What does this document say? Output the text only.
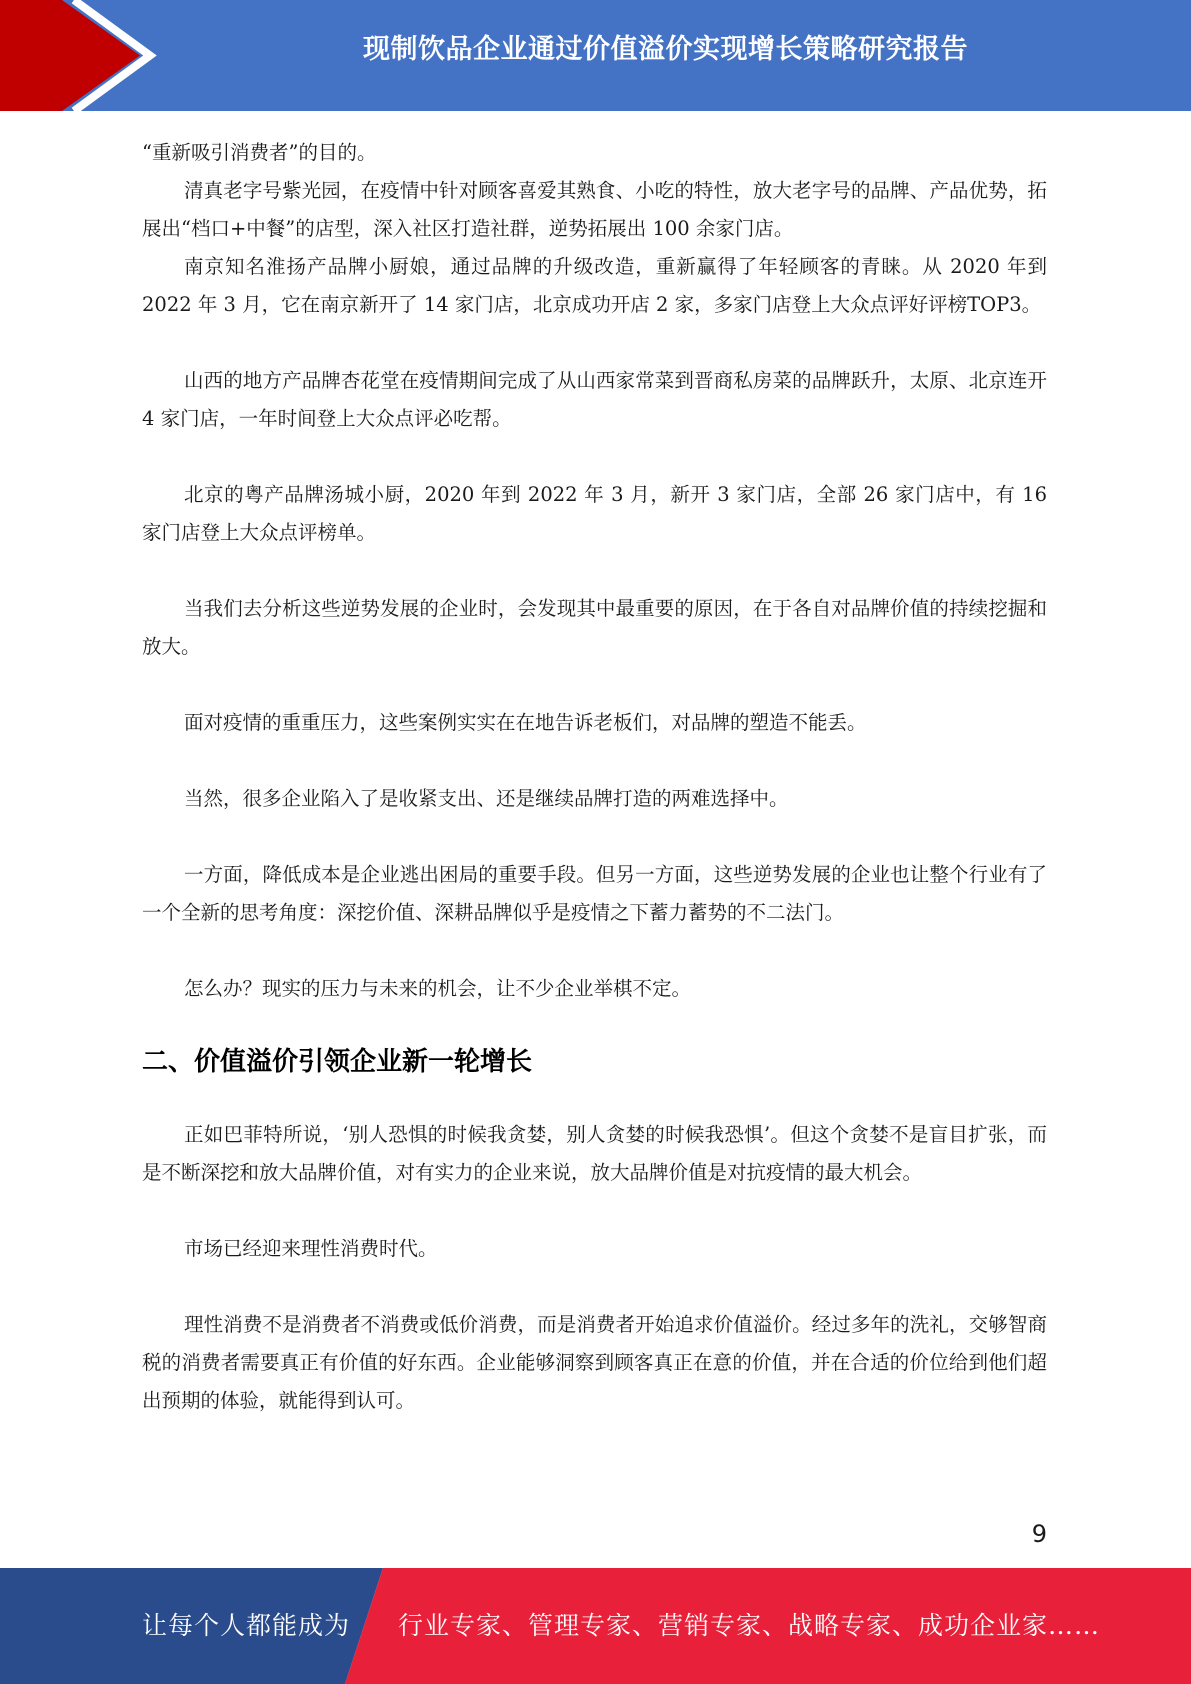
现制饮品企业通过价值溢价实现增长策略研究报告

“重新吸引消费者”的目的。

清真老字号紫光园，在疫情中针对顾客喜爱其熟食、小吃的特性，放大老字号的品牌、产品优势，拓展出“档口+中餐”的店型，深入社区打造社群，逆势拓展出 100 余家门店。

南京知名淮扬产品牌小厨娘，通过品牌的升级改造，重新赢得了年轻顾客的青睐。从 2020 年到 2022 年 3 月，它在南京新开了 14 家门店，北京成功开店 2 家，多家门店登上大众点评好评榜TOP3。

山西的地方产品牌杏花堂在疫情期间完成了从山西家常菜到晋商私房菜的品牌跃升，太原、北京连开 4 家门店，一年时间登上大众点评必吃帮。

北京的粤产品牌汤城小厨，2020 年到 2022 年 3 月，新开 3 家门店，全部 26 家门店中，有 16 家门店登上大众点评榜单。

当我们去分析这些逆势发展的企业时，会发现其中最重要的原因，在于各自对品牌价值的持续挖掘和放大。

面对疫情的重重压力，这些案例实实在在地告诉老板们，对品牌的塑造不能丢。

当然，很多企业陷入了是收紧支出、还是继续品牌打造的两难选择中。

一方面，降低成本是企业逃出困局的重要手段。但另一方面，这些逆势发展的企业也让整个行业有了一个全新的思考角度：深挖价值、深耕品牌似乎是疫情之下蓄力蓄势的不二法门。

怎么办？现实的压力与未来的机会，让不少企业举棋不定。

二、价值溢价引领企业新一轮增长

正如巴菲特所说，‘别人恐惧的时候我贪婪，别人贪婪的时候我恐惧’。但这个贪婪不是盲目扩张，而是不断深挖和放大品牌价值，对有实力的企业来说，放大品牌价值是对抗疫情的最大机会。

市场已经迎来理性消费时代。

理性消费不是消费者不消费或低价消费，而是消费者开始追求价值溢价。经过多年的洗礼，交够智商税的消费者需要真正有价值的好东西。企业能够洞察到顾客真正在意的价值，并在合适的价位给到他们超出预期的体验，就能得到认可。

9
让每个人都能成为 行业专家、管理专家、营销专家、战略专家、成功企业家……
